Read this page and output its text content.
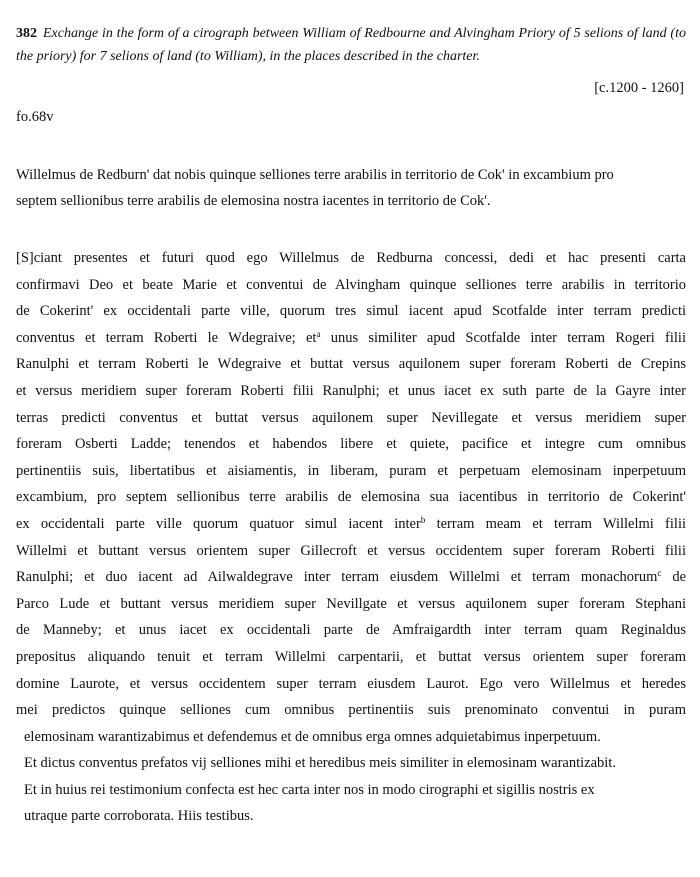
382 Exchange in the form of a cirograph between William of Redbourne and Alvingham Priory of 5 selions of land (to the priory) for 7 selions of land (to William), in the places described in the charter.
[c.1200 - 1260]
fo.68v
Willelmus de Redburn' dat nobis quinque selliones terre arabilis in territorio de Cok' in excambium pro
septem sellionibus terre arabilis de elemosina nostra iacentes in territorio de Cok'.
[S]ciant presentes et futuri quod ego Willelmus de Redburna concessi, dedi et hac presenti carta
confirmavi Deo et beate Marie et conventui de Alvingham quinque selliones terre arabilis in territorio
de Cokerint' ex occidentali parte ville, quorum tres simul iacent apud Scotfalde inter terram predicti
conventus et terram Roberti le Wdegraive; $et^a$ unus similiter apud Scotfalde inter terram Rogeri filii
Ranulphi et terram Roberti le Wdegraive et buttat versus aquilonem super foreram Roberti de Crepins
et versus meridiem super foreram Roberti filii Ranulphi; et unus iacet ex suth parte de la Gayre inter
terras predicti conventus et buttat versus aquilonem super Nevillegate et versus meridiem super
foreram Osberti Ladde; tenendos et habendos libere et quiete, pacifice et integre cum omnibus
pertinentiis suis, libertatibus et aisiamentis, in liberam, puram et perpetuam elemosinam inperpetuum
excambium, pro septem sellionibus terre arabilis de elemosina sua iacentibus in territorio de Cokerint'
ex occidentali parte ville quorum quatuor simul iacent inter$^b$ terram meam et terram Willelmi filii
Willelmi et buttant versus orientem super Gillecroft et versus occidentem super foreram Roberti filii
Ranulphi; et duo iacent ad Ailwaldegrave inter terram eiusdem Willelmi et terram monachorum$^c$ de
Parco Lude et buttant versus meridiem super Nevillgate et versus aquilonem super foreram Stephani
de Manneby; et unus iacet ex occidentali parte de Amfraigardth inter terram quam Reginaldus
prepositus aliquando tenuit et terram Willelmi carpentarii, et buttat versus orientem super foreram
domine Laurote, et versus occidentem super terram eiusdem Laurot. Ego vero Willelmus et heredes
mei predictos quinque selliones cum omnibus pertinentiis suis prenominato conventui in puram
elemosinam warantizabimus et defendemus et de omnibus erga omnes adquietabimus inperpetuum.
Et dictus conventus prefatos vij selliones mihi et heredibus meis similiter in elemosinam warantizabit.
Et in huius rei testimonium confecta est hec carta inter nos in modo cirographi et sigillis nostris ex
utraque parte corroborata. Hiis testibus.
